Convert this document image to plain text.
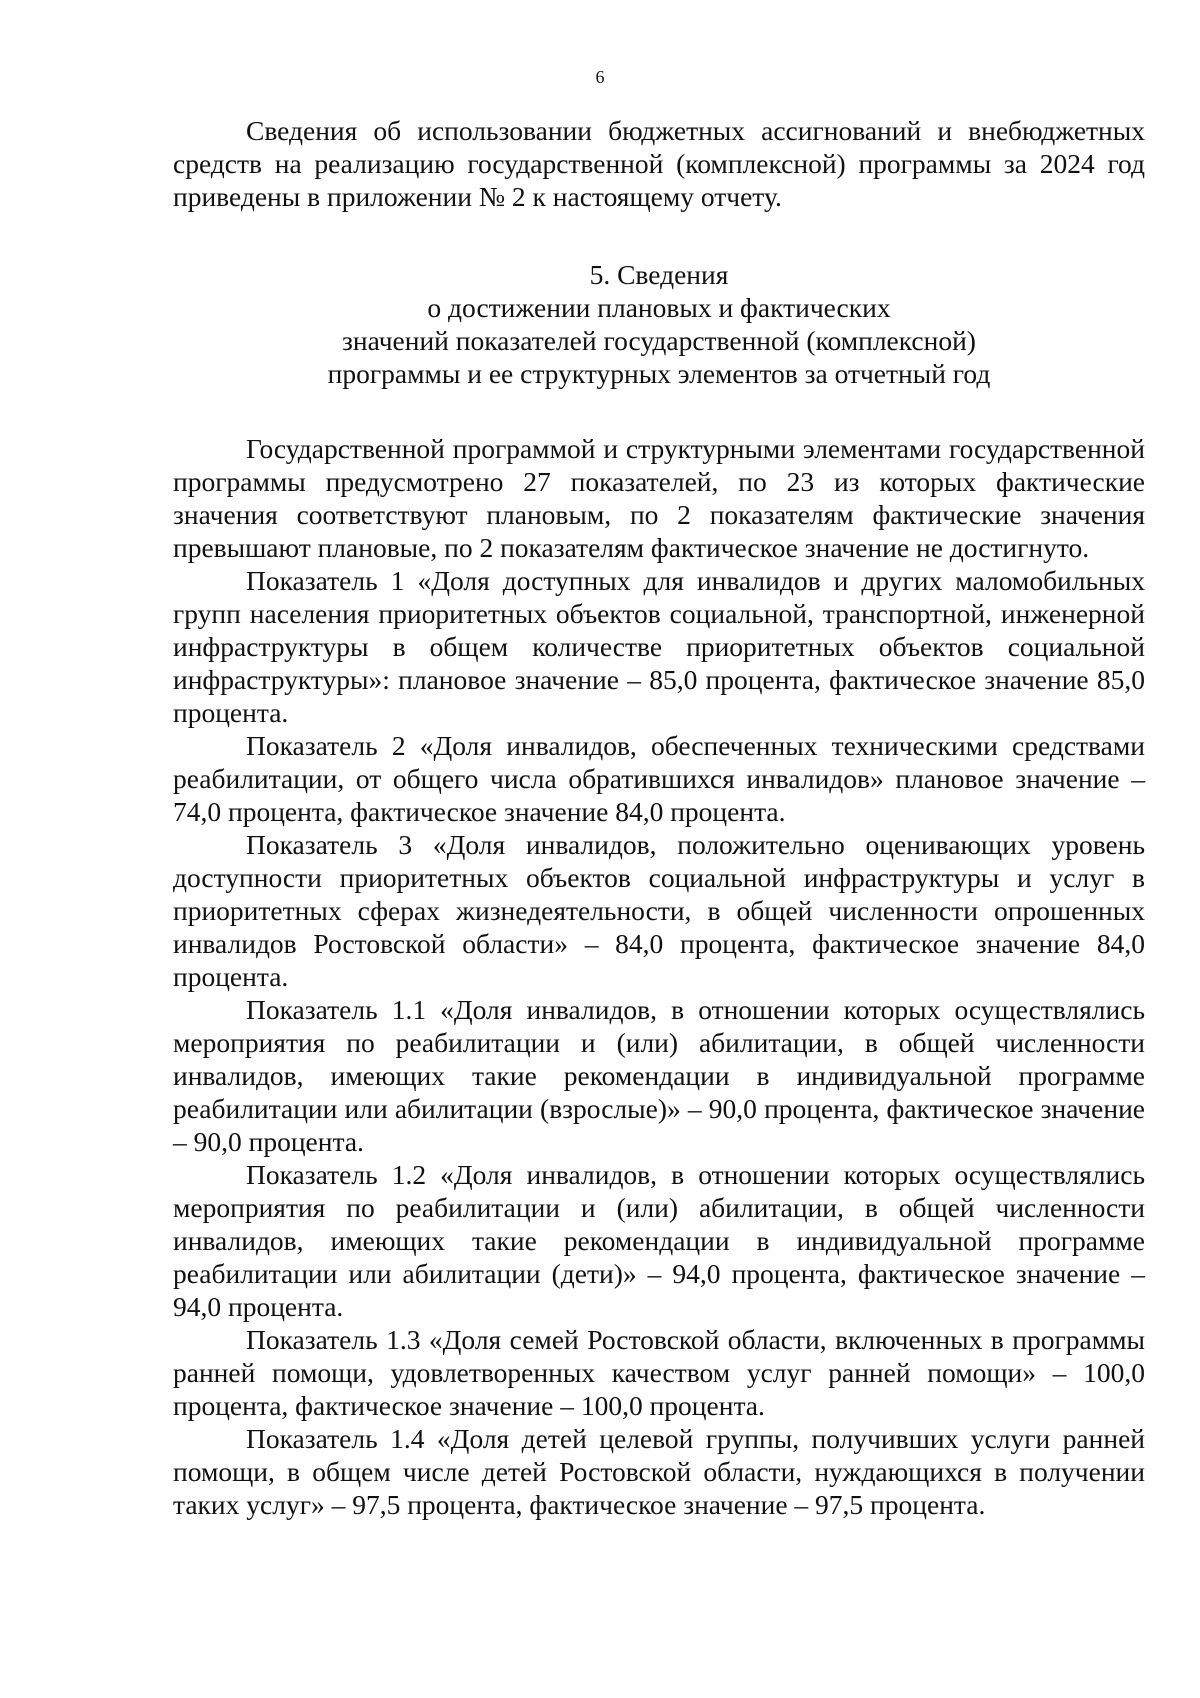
6

Сведения об использовании бюджетных ассигнований и внебюджетных средств на реализацию государственной (комплексной) программы за 2024 год приведены в приложении № 2 к настоящему отчету.

5. Сведения
о достижении плановых и фактических
значений показателей государственной (комплексной)
программы и ее структурных элементов за отчетный год

Государственной программой и структурными элементами государственной программы предусмотрено 27 показателей, по 23 из которых фактические значения соответствуют плановым, по 2 показателям фактические значения превышают плановые, по 2 показателям фактическое значение не достигнуто.

Показатель 1 «Доля доступных для инвалидов и других маломобильных групп населения приоритетных объектов социальной, транспортной, инженерной инфраструктуры в общем количестве приоритетных объектов социальной инфраструктуры»: плановое значение – 85,0 процента, фактическое значение 85,0 процента.

Показатель 2 «Доля инвалидов, обеспеченных техническими средствами реабилитации, от общего числа обратившихся инвалидов» плановое значение – 74,0 процента, фактическое значение 84,0 процента.

Показатель 3 «Доля инвалидов, положительно оценивающих уровень доступности приоритетных объектов социальной инфраструктуры и услуг в приоритетных сферах жизнедеятельности, в общей численности опрошенных инвалидов Ростовской области» – 84,0 процента, фактическое значение 84,0 процента.

Показатель 1.1 «Доля инвалидов, в отношении которых осуществлялись мероприятия по реабилитации и (или) абилитации, в общей численности инвалидов, имеющих такие рекомендации в индивидуальной программе реабилитации или абилитации (взрослые)» – 90,0 процента, фактическое значение – 90,0 процента.

Показатель 1.2 «Доля инвалидов, в отношении которых осуществлялись мероприятия по реабилитации и (или) абилитации, в общей численности инвалидов, имеющих такие рекомендации в индивидуальной программе реабилитации или абилитации (дети)» – 94,0 процента, фактическое значение – 94,0 процента.

Показатель 1.3 «Доля семей Ростовской области, включенных в программы ранней помощи, удовлетворенных качеством услуг ранней помощи» – 100,0 процента, фактическое значение – 100,0 процента.

Показатель 1.4 «Доля детей целевой группы, получивших услуги ранней помощи, в общем числе детей Ростовской области, нуждающихся в получении таких услуг» – 97,5 процента, фактическое значение – 97,5 процента.
